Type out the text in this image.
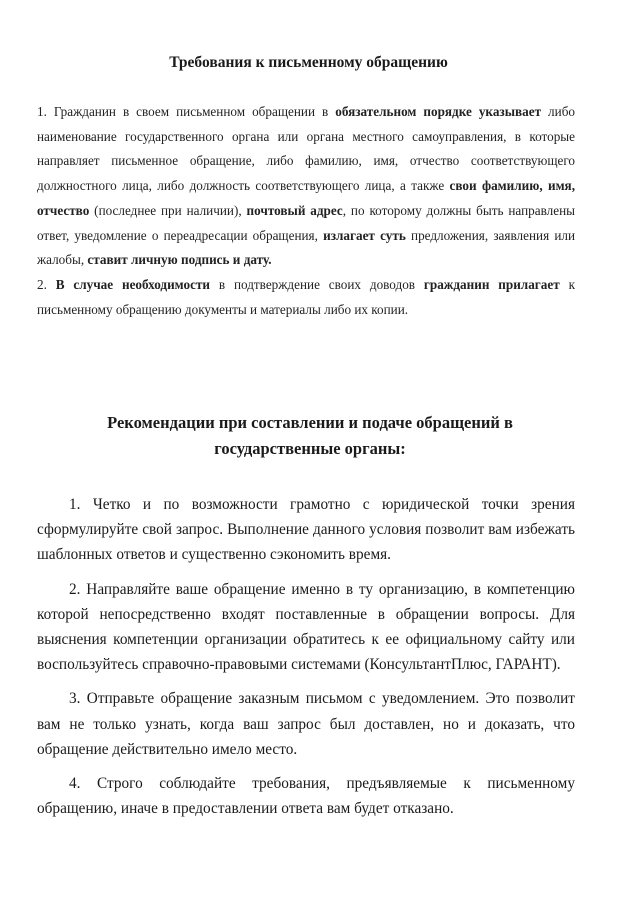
Требования к письменному обращению

1. Гражданин в своем письменном обращении в обязательном порядке указывает либо наименование государственного органа или органа местного самоуправления, в которые направляет письменное обращение, либо фамилию, имя, отчество соответствующего должностного лица, либо должность соответствующего лица, а также свои фамилию, имя, отчество (последнее при наличии), почтовый адрес, по которому должны быть направлены ответ, уведомление о переадресации обращения, излагает суть предложения, заявления или жалобы, ставит личную подпись и дату.

2. В случае необходимости в подтверждение своих доводов гражданин прилагает к письменному обращению документы и материалы либо их копии.

Рекомендации при составлении и подаче обращений в государственные органы:

1. Четко и по возможности грамотно с юридической точки зрения сформулируйте свой запрос. Выполнение данного условия позволит вам избежать шаблонных ответов и существенно сэкономить время.

2. Направляйте ваше обращение именно в ту организацию, в компетенцию которой непосредственно входят поставленные в обращении вопросы. Для выяснения компетенции организации обратитесь к ее официальному сайту или воспользуйтесь справочно-правовыми системами (КонсультантПлюс, ГАРАНТ).

3. Отправьте обращение заказным письмом с уведомлением. Это позволит вам не только узнать, когда ваш запрос был доставлен, но и доказать, что обращение действительно имело место.

4. Строго соблюдайте требования, предъявляемые к письменному обращению, иначе в предоставлении ответа вам будет отказано.
